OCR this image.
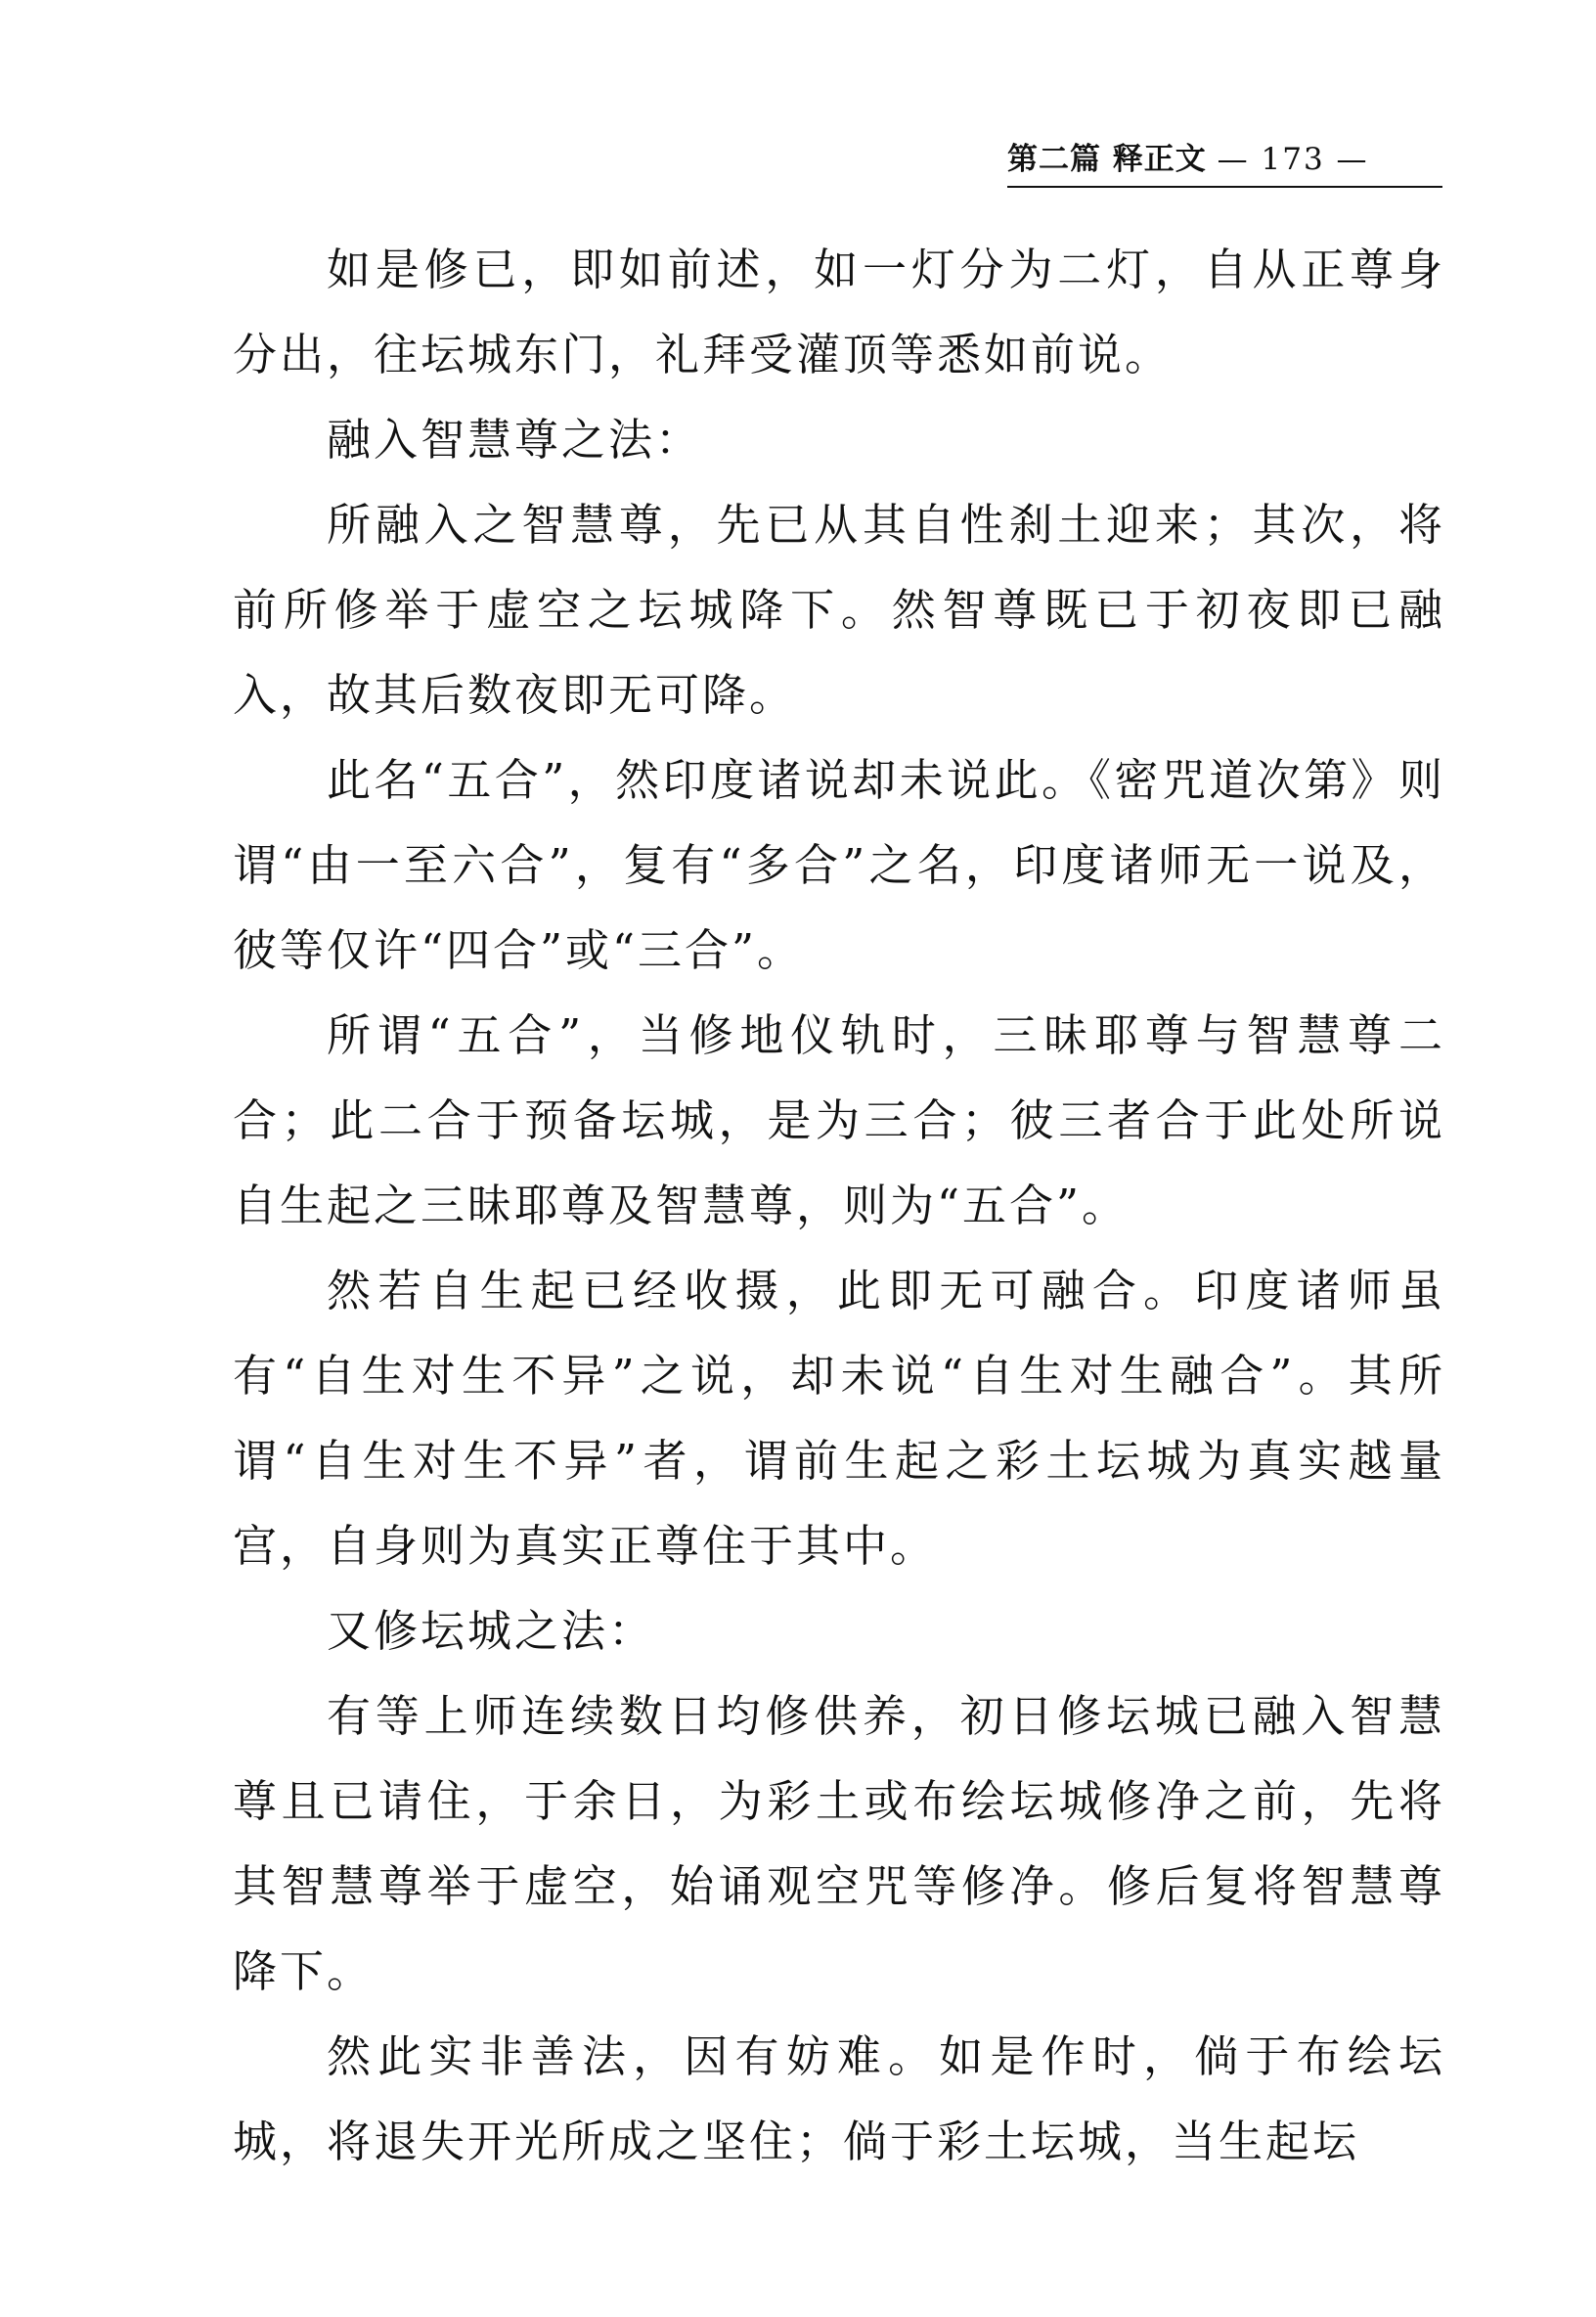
第二篇 释正文 — 173 —

如是修已，即如前述，如一灯分为二灯，自从正尊身分出，往坛城东门，礼拜受灌顶等悉如前说。

融入智慧尊之法：

所融入之智慧尊，先已从其自性刹土迎来；其次，将前所修举于虚空之坛城降下。然智尊既已于初夜即已融入，故其后数夜即无可降。

此名“五合”，然印度诸说却未说此。《密咒道次第》则谓“由一至六合”，复有“多合”之名，印度诸师无一说及，彼等仅许“四合”或“三合”。

所谓“五合”，当修地仪轨时，三昧耶尊与智慧尊二合；此二合于预备坛城，是为三合；彼三者合于此处所说自生起之三昧耶尊及智慧尊，则为“五合”。

然若自生起已经收摄，此即无可融合。印度诸师虽有“自生对生不异”之说，却未说“自生对生融合”。其所谓“自生对生不异”者，谓前生起之彩土坛城为真实越量宫，自身则为真实正尊住于其中。

又修坛城之法：

有等上师连续数日均修供养，初日修坛城已融入智慧尊且已请住，于余日，为彩土或布绘坛城修净之前，先将其智慧尊举于虚空，始诵观空咒等修净。修后复将智慧尊降下。

然此实非善法，因有妨难。如是作时，倘于布绘坛城，将退失开光所成之坚住；倘于彩土坛城，当生起坛
